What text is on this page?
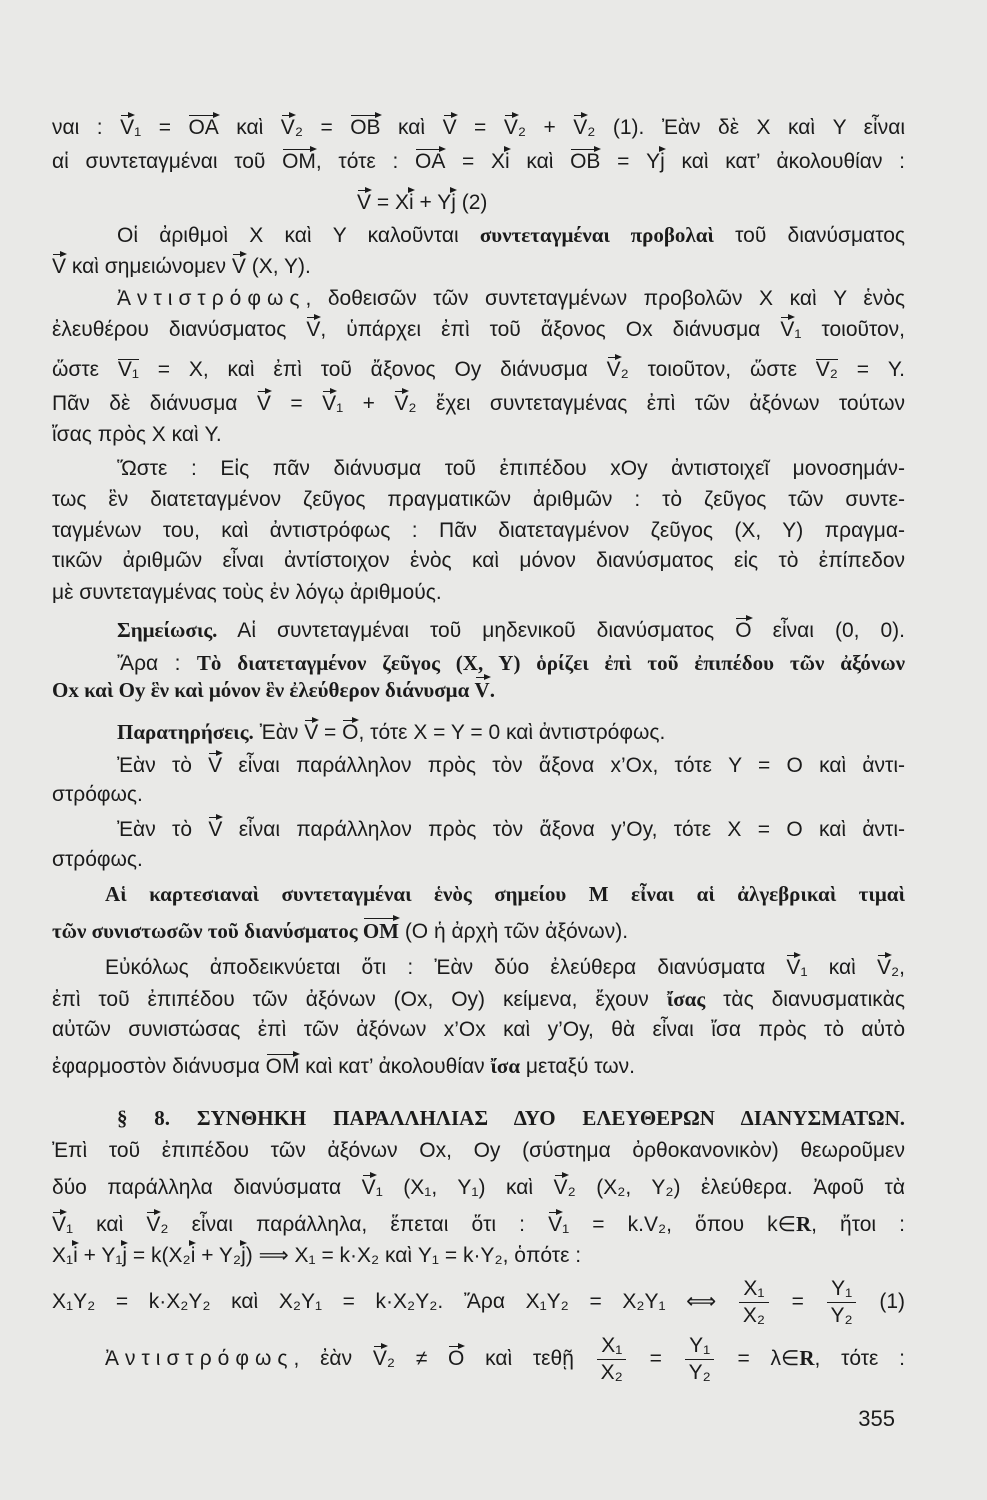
ναι : V₁ = OA καὶ V₂ = OB καὶ V = V₂ + V₂ (1). Ἐὰν δὲ X καὶ Y εἶναι
αἱ συντεταγμέναι τοῦ OM, τότε : OA = Xi καὶ OB = Yj καὶ κατ’ ἀκολουθίαν :
V = Xi + Yj (2)
Οἱ ἀριθμοὶ X καὶ Y καλοῦνται συντεταγμέναι προβολαὶ τοῦ διανύσματος
V καὶ σημειώνομεν V (X, Y).
Ἀντιστρόφως, δοθεισῶν τῶν συντεταγμένων προβολῶν X καὶ Y ἑνὸς
ἐλευθέρου διανύσματος V, ὑπάρχει ἐπὶ τοῦ ἄξονος Ox διάνυσμα V₁ τοιοῦτον,
ὥστε V₁ = X, καὶ ἐπὶ τοῦ ἄξονος Oy διάνυσμα V₂ τοιοῦτον, ὥστε V₂ = Y.
Πᾶν δὲ διάνυσμα V = V₁ + V₂ ἔχει συντεταγμένας ἐπὶ τῶν ἀξόνων τούτων
ἴσας πρὸς X καὶ Y.
Ὥστε : Εἰς πᾶν διάνυσμα τοῦ ἐπιπέδου xOy ἀντιστοιχεῖ μονοσημάν-
τως ἓν διατεταγμένον ζεῦγος πραγματικῶν ἀριθμῶν : τὸ ζεῦγος τῶν συντε-
ταγμένων του, καὶ ἀντιστρόφως : Πᾶν διατεταγμένον ζεῦγος (X, Y) πραγμα-
τικῶν ἀριθμῶν εἶναι ἀντίστοιχον ἑνὸς καὶ μόνον διανύσματος εἰς τὸ ἐπίπεδον
μὲ συντεταγμένας τοὺς ἐν λόγῳ ἀριθμούς.
Σημείωσις. Αἱ συντεταγμέναι τοῦ μηδενικοῦ διανύσματος O εἶναι (0, 0).
Ἄρα : Τὸ διατεταγμένον ζεῦγος (X, Y) ὁρίζει ἐπὶ τοῦ ἐπιπέδου τῶν ἀξόνων
Ox καὶ Oy ἓν καὶ μόνον ἓν ἐλεύθερον διάνυσμα V.
Παρατηρήσεις. Ἐὰν V = O, τότε X = Y = 0 καὶ ἀντιστρόφως.
Ἐὰν τὸ V εἶναι παράλληλον πρὸς τὸν ἄξονα x’Ox, τότε Y = O καὶ ἀντι-
στρόφως.
Ἐὰν τὸ V εἶναι παράλληλον πρὸς τὸν ἄξονα y’Oy, τότε X = O καὶ ἀντι-
στρόφως.
Αἱ καρτεσιαναὶ συντεταγμέναι ἑνὸς σημείου M εἶναι αἱ ἀλγεβρικαὶ τιμαὶ
τῶν συνιστωσῶν τοῦ διανύσματος OM (O ἡ ἀρχὴ τῶν ἀξόνων).
Εὐκόλως ἀποδεικνύεται ὅτι : Ἐὰν δύο ἐλεύθερα διανύσματα V₁ καὶ V₂,
ἐπὶ τοῦ ἐπιπέδου τῶν ἀξόνων (Ox, Oy) κείμενα, ἔχουν ἴσας τὰς διανυσματικὰς
αὐτῶν συνιστώσας ἐπὶ τῶν ἀξόνων x’Ox καὶ y’Oy, θὰ εἶναι ἴσα πρὸς τὸ αὐτὸ
ἐφαρμοστὸν διάνυσμα OM καὶ κατ’ ἀκολουθίαν ἴσα μεταξύ των.
§ 8. ΣΥΝΘΗΚΗ ΠΑΡΑΛΛΗΛΙΑΣ ΔΥΟ ΕΛΕΥΘΕΡΩΝ ΔΙΑΝΥΣΜΑΤΩΝ.
Ἐπὶ τοῦ ἐπιπέδου τῶν ἀξόνων Ox, Oy (σύστημα ὀρθοκανονικὸν) θεωροῦμεν
δύο παράλληλα διανύσματα V₁ (X₁, Y₁) καὶ V₂ (X₂, Y₂) ἐλεύθερα. Ἀφοῦ τὰ
V₁ καὶ V₂ εἶναι παράλληλα, ἕπεται ὅτι : V₁ = k.V₂, ὅπου k∈R, ἤτοι :
X₁i + Y₁j = k(X₂i + Y₂j) ⟹ X₁ = k·X₂ καὶ Y₁ = k·Y₂, ὁπότε :
X₁Y₂ = k·X₂Y₂ καὶ X₂Y₁ = k·X₂Y₂. Ἄρα X₁Y₂ = X₂Y₁ ⟺ $\frac{\text{X₁}}{\text{X₂}} = \frac{\text{Y₁}}{\text{Y₂}} (1)$
Ἀντιστρόφως, ἐὰν V₂ ≠ O καὶ τεθῇ $\frac{\text{X₁}}{\text{X₂}} = \frac{\text{Y₁}}{\text{Y₂}}$ = λ∈R, τότε :
355
